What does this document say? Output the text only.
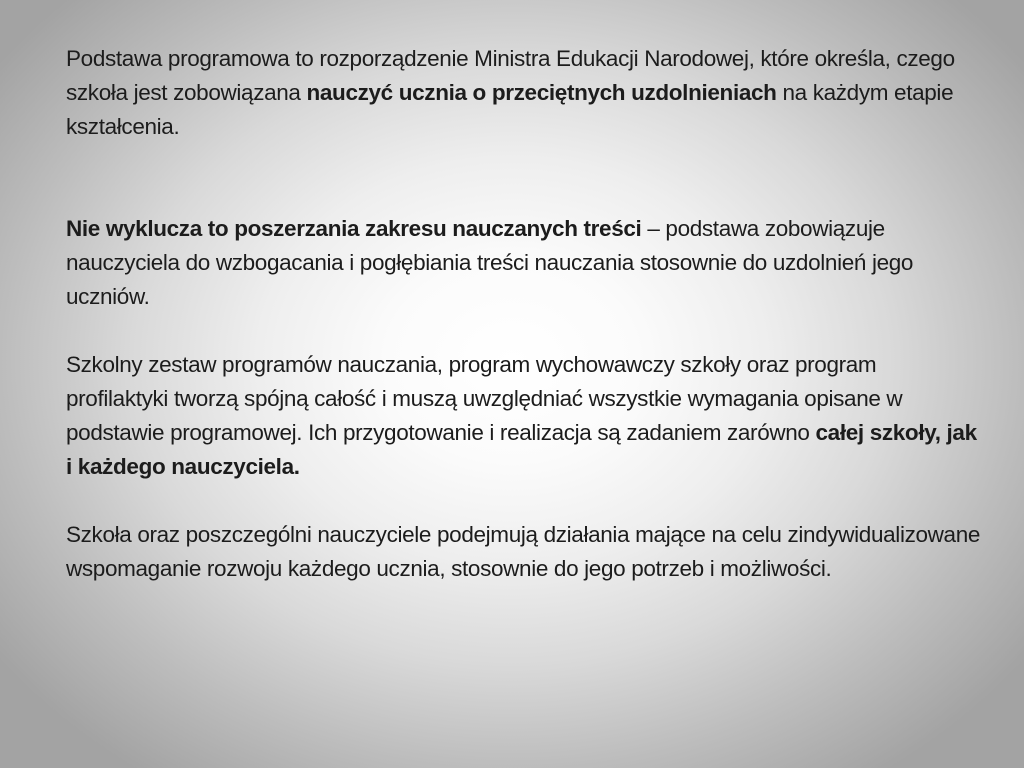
Podstawa programowa to rozporządzenie Ministra Edukacji Narodowej, które określa, czego szkoła jest zobowiązana nauczyć ucznia o przeciętnych uzdolnieniach na każdym etapie kształcenia.

Nie wyklucza to poszerzania zakresu nauczanych treści – podstawa zobowiązuje nauczyciela do wzbogacania i pogłębiania treści nauczania stosownie do uzdolnień jego uczniów.

Szkolny zestaw programów nauczania, program wychowawczy szkoły oraz program profilaktyki tworzą spójną całość i muszą uwzględniać wszystkie wymagania opisane w podstawie programowej. Ich przygotowanie i realizacja są zadaniem zarówno całej szkoły, jak i każdego nauczyciela.

Szkoła oraz poszczególni nauczyciele podejmują działania mające na celu zindywidualizowane wspomaganie rozwoju każdego ucznia, stosownie do jego potrzeb i możliwości.
